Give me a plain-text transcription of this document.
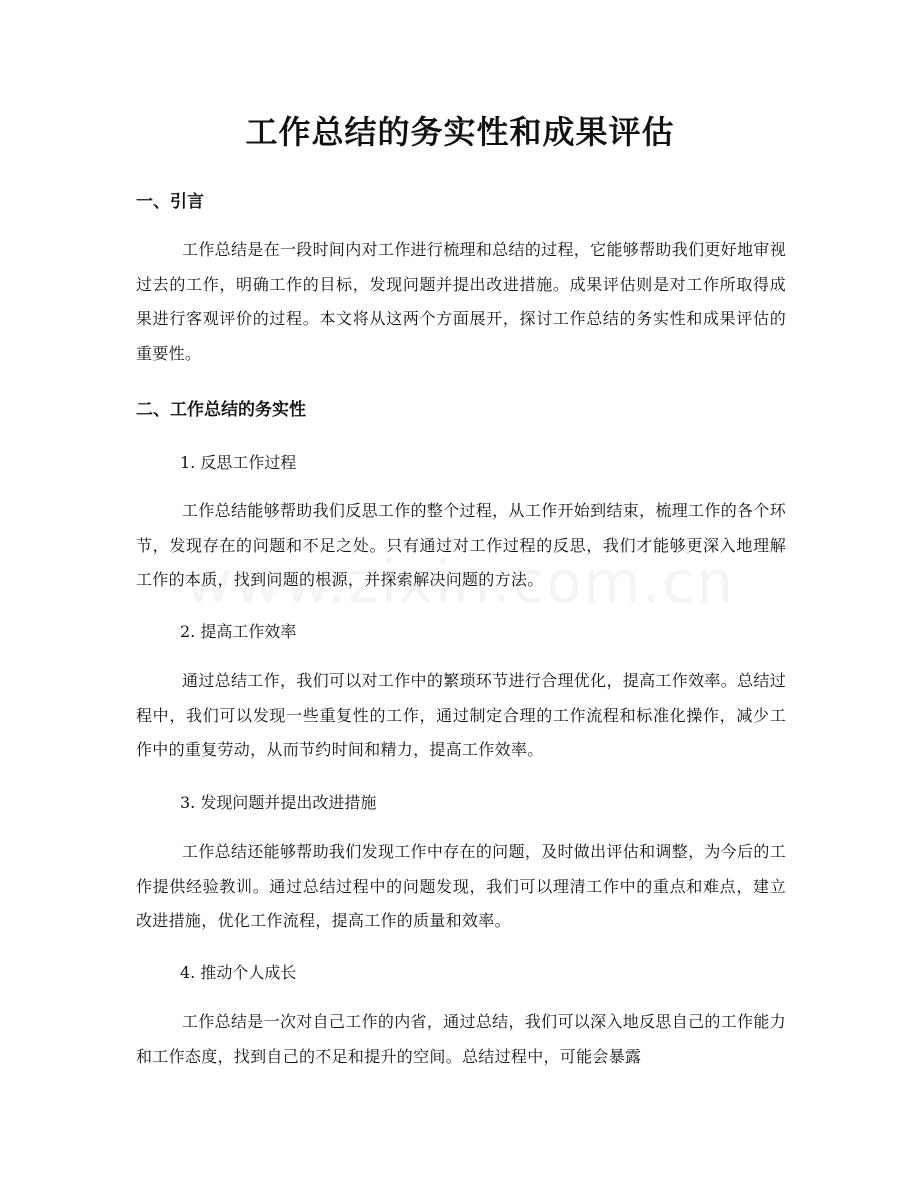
工作总结的务实性和成果评估
一、引言
工作总结是在一段时间内对工作进行梳理和总结的过程，它能够帮助我们更好地审视过去的工作，明确工作的目标，发现问题并提出改进措施。成果评估则是对工作所取得成果进行客观评价的过程。本文将从这两个方面展开，探讨工作总结的务实性和成果评估的重要性。
二、工作总结的务实性
1. 反思工作过程
工作总结能够帮助我们反思工作的整个过程，从工作开始到结束，梳理工作的各个环节，发现存在的问题和不足之处。只有通过对工作过程的反思，我们才能够更深入地理解工作的本质，找到问题的根源，并探索解决问题的方法。
2. 提高工作效率
通过总结工作，我们可以对工作中的繁琐环节进行合理优化，提高工作效率。总结过程中，我们可以发现一些重复性的工作，通过制定合理的工作流程和标准化操作，减少工作中的重复劳动，从而节约时间和精力，提高工作效率。
3. 发现问题并提出改进措施
工作总结还能够帮助我们发现工作中存在的问题，及时做出评估和调整，为今后的工作提供经验教训。通过总结过程中的问题发现，我们可以理清工作中的重点和难点，建立改进措施，优化工作流程，提高工作的质量和效率。
4. 推动个人成长
工作总结是一次对自己工作的内省，通过总结，我们可以深入地反思自己的工作能力和工作态度，找到自己的不足和提升的空间。总结过程中，可能会暴露
